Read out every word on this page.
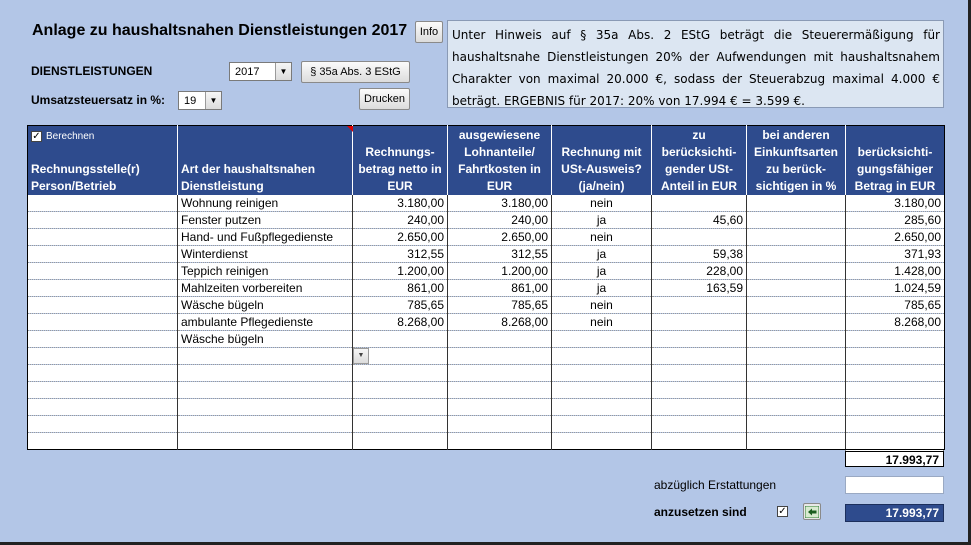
Anlage zu haushaltsnahen Dienstleistungen 2017	Info
DIENSTLEISTUNGEN	2017	▼	§ 35a Abs. 3 EStG
Umsatzsteuersatz in %:	19	▼	Drucken
Unter Hinweis auf § 35a Abs. 2 EStG beträgt die Steuerermäßigung für haushaltsnahe Dienstleistungen 20% der Aufwendungen mit haushaltsnahem Charakter von maximal 20.000 €, sodass der Steuerabzug maximal 4.000 € beträgt. ERGEBNIS für 2017: 20% von 17.994 € = 3.599 €.
✓ Berechnen
Rechnungsstelle(r) Person/Betrieb	Art der haushaltsnahen Dienstleistung	Rechnungs-betrag netto in EUR	ausgewiesene Lohnanteile/ Fahrtkosten in EUR	Rechnung mit USt-Ausweis? (ja/nein)	zu berücksichti-gender USt-Anteil in EUR	bei anderen Einkunftsarten zu berück-sichtigen in %	berücksichti-gungsfähiger Betrag in EUR
	Wohnung reinigen	3.180,00	3.180,00	nein			3.180,00
	Fenster putzen	240,00	240,00	ja	45,60		285,60
	Hand- und Fußpflegedienste	2.650,00	2.650,00	nein			2.650,00
	Winterdienst	312,55	312,55	ja	59,38		371,93
	Teppich reinigen	1.200,00	1.200,00	ja	228,00		1.428,00
	Mahlzeiten vorbereiten	861,00	861,00	ja	163,59		1.024,59
	Wäsche bügeln	785,65	785,65	nein			785,65
	ambulante Pflegedienste	8.268,00	8.268,00	nein			8.268,00
	Wäsche bügeln						

▼					

17.993,77
abzüglich Erstattungen
anzusetzen sind	✓	17.993,77
